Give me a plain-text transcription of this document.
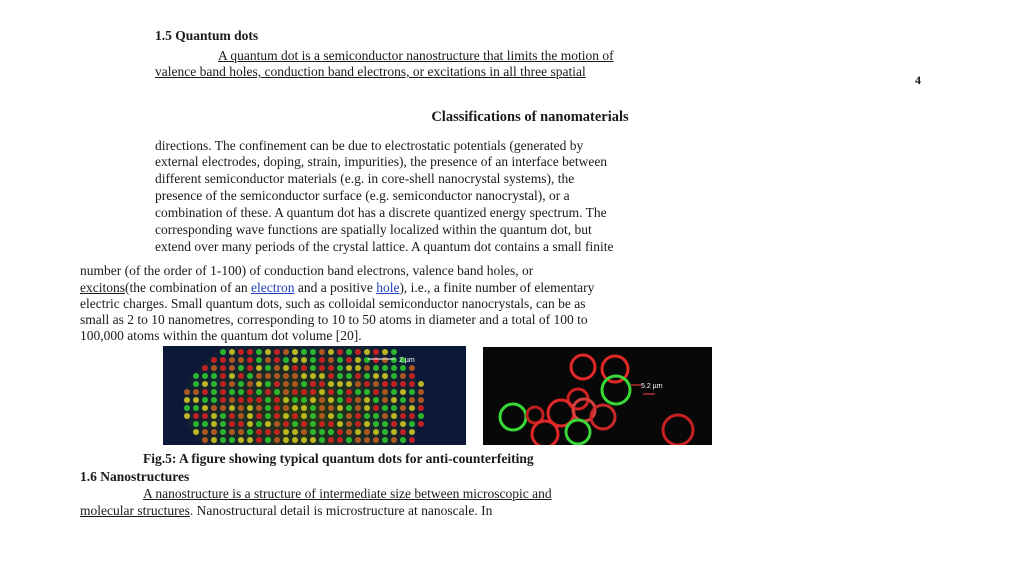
1.5 Quantum dots
A quantum dot is a semiconductor nanostructure that limits the motion of
valence band holes, conduction band electrons, or excitations in all three spatial
4
Classifications of nanomaterials
directions. The confinement can be due to electrostatic potentials (generated by
external electrodes, doping, strain, impurities), the presence of an interface between
different semiconductor materials (e.g. in core-shell nanocrystal systems), the
presence of the semiconductor surface (e.g. semiconductor nanocrystal), or a
combination of these. A quantum dot has a discrete quantized energy spectrum. The
corresponding wave functions are spatially localized within the quantum dot, but
extend over many periods of the crystal lattice. A quantum dot contains a small finite
number (of the order of 1-100) of conduction band electrons, valence band holes, or
excitons(the combination of an electron and a positive hole), i.e., a finite number of elementary
electric charges. Small quantum dots, such as colloidal semiconductor nanocrystals, can be as
small as 2 to 10 nanometres, corresponding to 10 to 50 atoms in diameter and a total of 100 to
100,000 atoms within the quantum dot volume [20].
2 µm
5.2 µm
Fig.5: A figure showing typical quantum dots for anti-counterfeiting
1.6 Nanostructures
A nanostructure is a structure of intermediate size between microscopic and
molecular structures. Nanostructural detail is microstructure at nanoscale. In
